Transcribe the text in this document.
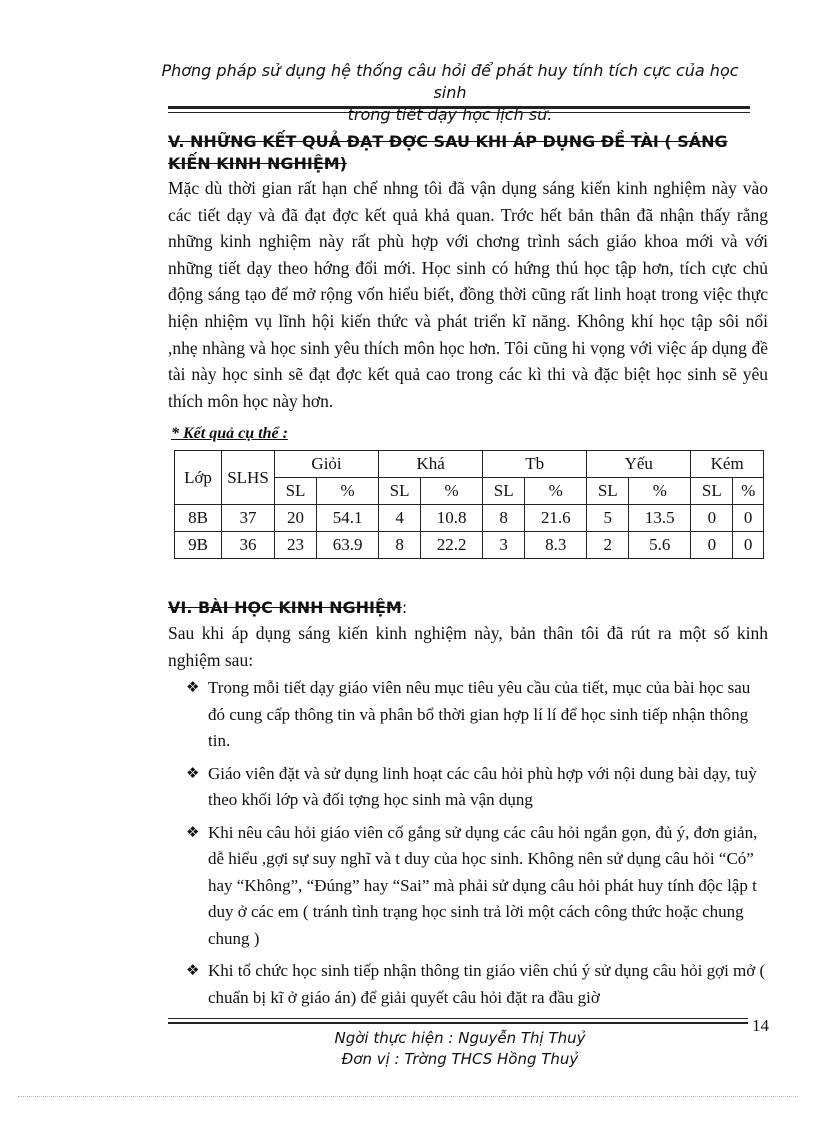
Phơng pháp sử dụng hệ thống câu hỏi để phát huy tính tích cực của học sinh
trong tiết dạy học lịch sử.
V. NHỮNG KẾT QUẢ ĐẠT ĐỢC SAU KHI ÁP DỤNG ĐỀ TÀI ( SÁNG KIẾN KINH NGHIỆM)

Mặc dù thời gian rất hạn chế nhng tôi đã vận dụng sáng kiến kinh nghiệm này vào các tiết dạy và đã đạt đợc kết quả khả quan. Trớc hết bản thân đã nhận thấy rằng những kinh nghiệm này rất phù hợp với chơng trình sách giáo khoa mới và với những tiết dạy theo hớng đổi mới. Học sinh có hứng thú học tập hơn, tích cực chủ động sáng tạo để mở rộng vốn hiểu biết, đồng thời cũng rất linh hoạt trong việc thực hiện nhiệm vụ lĩnh hội kiến thức và phát triển kĩ năng. Không khí học tập sôi nổi ,nhẹ nhàng và học sinh yêu thích môn học hơn. Tôi cũng hi vọng với việc áp dụng đề tài này học sinh sẽ đạt đợc kết quả cao trong các kì thi và đặc biệt học sinh sẽ yêu thích môn học này hơn.

* Kết quả cụ thể :
Lớp	SLHS	Giỏi		Khá		Tb		Yếu		Kém	
		SL	%	SL	%	SL	%	SL	%	SL	%
8B	37	20	54.1	4	10.8	8	21.6	5	13.5	0	0
9B	36	23	63.9	8	22.2	3	8.3	2	5.6	0	0
VI. BÀI HỌC KINH NGHIỆM:

Sau khi áp dụng sáng kiến kinh nghiệm này, bản thân tôi đã rút ra một số kinh nghiệm sau:

❖ Trong mỗi tiết dạy giáo viên nêu mục tiêu yêu cầu của tiết, mục của bài học sau đó cung cấp thông tin và phân bổ thời gian hợp lí lí để học sinh tiếp nhận thông tin.
❖ Giáo viên đặt và sử dụng linh hoạt các câu hỏi phù hợp với nội dung bài dạy, tuỳ theo khối lớp và đối tợng học sinh mà vận dụng
❖ Khi nêu câu hỏi giáo viên cố gắng sử dụng các câu hỏi ngắn gọn, đủ ý, đơn giản, dễ hiểu ,gợi sự suy nghĩ và t duy của học sinh. Không nên sử dụng câu hỏi “Có” hay “Không”, “Đúng” hay “Sai” mà phải sử dụng câu hỏi phát huy tính độc lập t duy ở các em ( tránh tình trạng học sinh trả lời một cách công thức hoặc chung chung )
❖ Khi tổ chức học sinh tiếp nhận thông tin giáo viên chú ý sử dụng câu hỏi gợi mở ( chuẩn bị kĩ ở giáo án) để giải quyết câu hỏi đặt ra đầu giờ
14
Ngời thực hiện : Nguyễn Thị Thuỷ
Đơn vị : Trờng THCS Hồng Thuỷ
